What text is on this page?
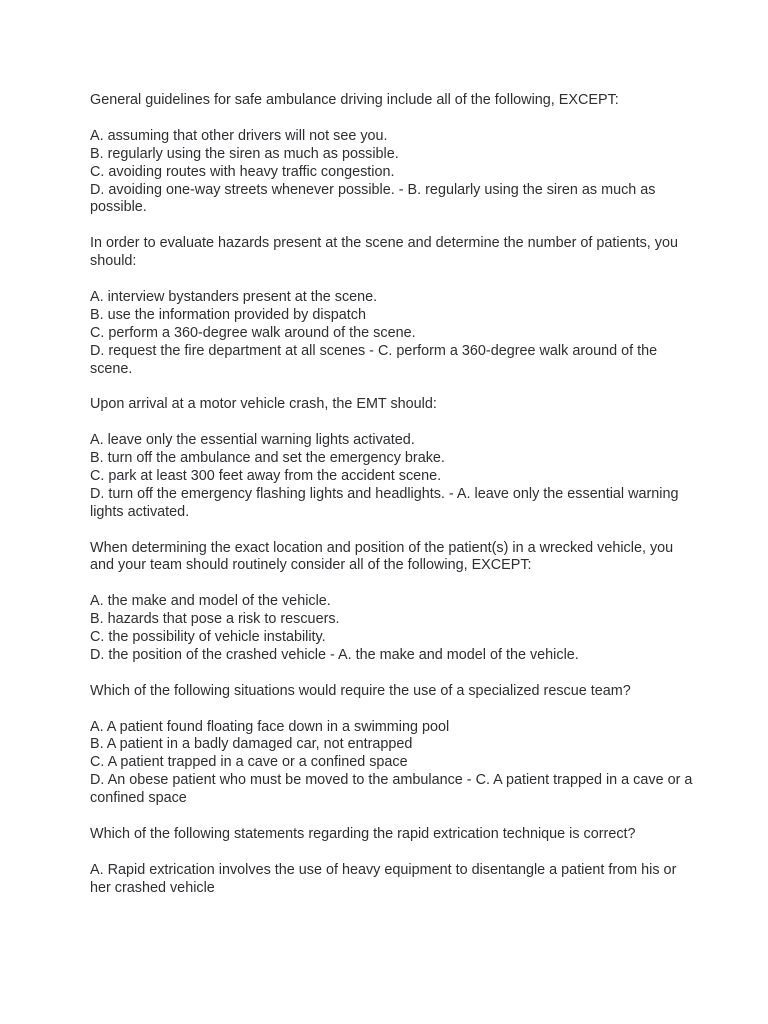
General guidelines for safe ambulance driving include all of the following, EXCEPT:
A. assuming that other drivers will not see you.
B. regularly using the siren as much as possible.
C. avoiding routes with heavy traffic congestion.
D. avoiding one-way streets whenever possible. - B. regularly using the siren as much as possible.
In order to evaluate hazards present at the scene and determine the number of patients, you should:
A. interview bystanders present at the scene.
B. use the information provided by dispatch
C. perform a 360-degree walk around of the scene.
D. request the fire department at all scenes - C. perform a 360-degree walk around of the scene.
Upon arrival at a motor vehicle crash, the EMT should:
A. leave only the essential warning lights activated.
B. turn off the ambulance and set the emergency brake.
C. park at least 300 feet away from the accident scene.
D. turn off the emergency flashing lights and headlights. - A. leave only the essential warning lights activated.
When determining the exact location and position of the patient(s) in a wrecked vehicle, you and your team should routinely consider all of the following, EXCEPT:
A. the make and model of the vehicle.
B. hazards that pose a risk to rescuers.
C. the possibility of vehicle instability.
D. the position of the crashed vehicle - A. the make and model of the vehicle.
Which of the following situations would require the use of a specialized rescue team?
A. A patient found floating face down in a swimming pool
B. A patient in a badly damaged car, not entrapped
C. A patient trapped in a cave or a confined space
D. An obese patient who must be moved to the ambulance - C. A patient trapped in a cave or a confined space
Which of the following statements regarding the rapid extrication technique is correct?
A. Rapid extrication involves the use of heavy equipment to disentangle a patient from his or her crashed vehicle
